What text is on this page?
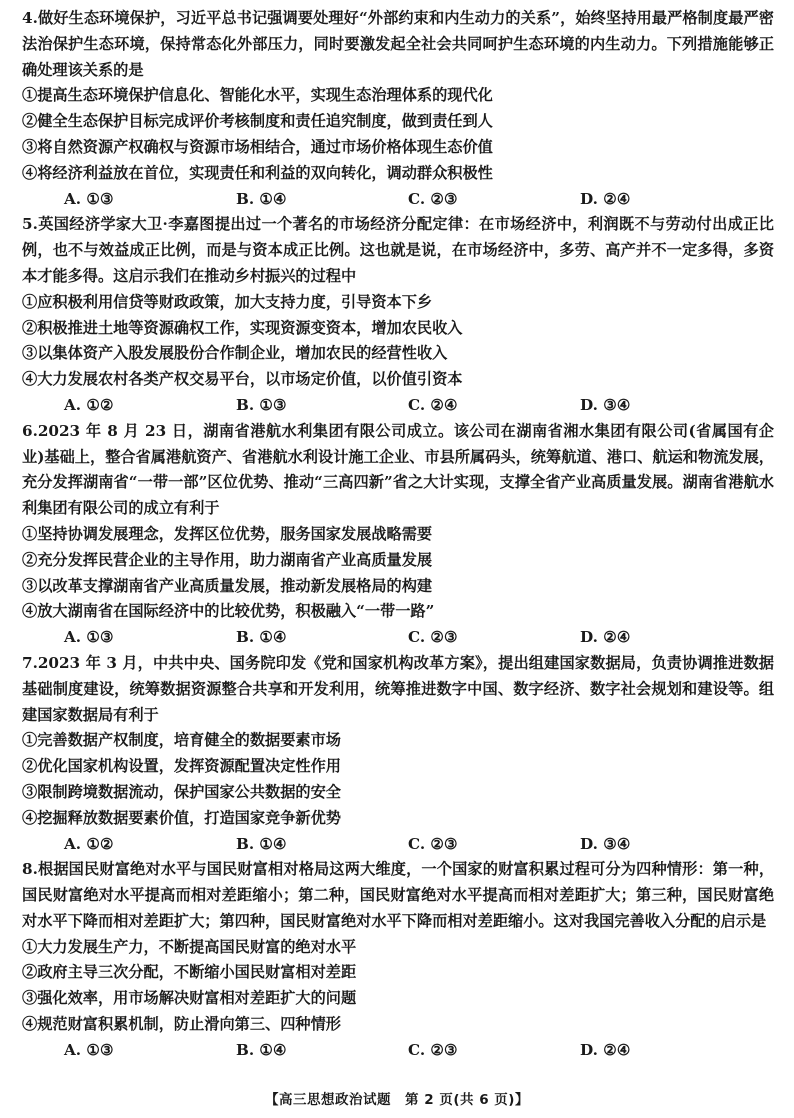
4.做好生态环境保护，习近平总书记强调要处理好“外部约束和内生动力的关系”，始终坚持用最严格制度最严密法治保护生态环境，保持常态化外部压力，同时要激发起全社会共同呵护生态环境的内生动力。下列措施能够正确处理该关系的是

①提高生态环境保护信息化、智能化水平，实现生态治理体系的现代化

②健全生态保护目标完成评价考核制度和责任追究制度，做到责任到人

③将自然资源产权确权与资源市场相结合，通过市场价格体现生态价值

④将经济利益放在首位，实现责任和利益的双向转化，调动群众积极性

A. ①③	B. ①④	C. ②③	D. ②④

5.英国经济学家大卫·李嘉图提出过一个著名的市场经济分配定律：在市场经济中，利润既不与劳动付出成正比例，也不与效益成正比例，而是与资本成正比例。这也就是说，在市场经济中，多劳、高产并不一定多得，多资本才能多得。这启示我们在推动乡村振兴的过程中

①应积极利用信贷等财政政策，加大支持力度，引导资本下乡

②积极推进土地等资源确权工作，实现资源变资本，增加农民收入

③以集体资产入股发展股份合作制企业，增加农民的经营性收入

④大力发展农村各类产权交易平台，以市场定价值，以价值引资本

A. ①②	B. ①③	C. ②④	D. ③④

6.2023 年 8 月 23 日，湖南省港航水利集团有限公司成立。该公司在湖南省湘水集团有限公司(省属国有企业)基础上，整合省属港航资产、省港航水利设计施工企业、市县所属码头，统筹航道、港口、航运和物流发展，充分发挥湖南省“一带一部”区位优势、推动“三高四新”省之大计实现，支撑全省产业高质量发展。湖南省港航水利集团有限公司的成立有利于

①坚持协调发展理念，发挥区位优势，服务国家发展战略需要

②充分发挥民营企业的主导作用，助力湖南省产业高质量发展

③以改革支撑湖南省产业高质量发展，推动新发展格局的构建

④放大湖南省在国际经济中的比较优势，积极融入“一带一路”

A. ①③	B. ①④	C. ②③	D. ②④

7.2023 年 3 月，中共中央、国务院印发《党和国家机构改革方案》，提出组建国家数据局，负责协调推进数据基础制度建设，统筹数据资源整合共享和开发利用，统筹推进数字中国、数字经济、数字社会规划和建设等。组建国家数据局有利于

①完善数据产权制度，培育健全的数据要素市场

②优化国家机构设置，发挥资源配置决定性作用

③限制跨境数据流动，保护国家公共数据的安全

④挖掘释放数据要素价值，打造国家竞争新优势

A. ①②	B. ①④	C. ②③	D. ③④

8.根据国民财富绝对水平与国民财富相对格局这两大维度，一个国家的财富积累过程可分为四种情形：第一种，国民财富绝对水平提高而相对差距缩小；第二种，国民财富绝对水平提高而相对差距扩大；第三种，国民财富绝对水平下降而相对差距扩大；第四种，国民财富绝对水平下降而相对差距缩小。这对我国完善收入分配的启示是

①大力发展生产力，不断提高国民财富的绝对水平

②政府主导三次分配，不断缩小国民财富相对差距

③强化效率，用市场解决财富相对差距扩大的问题

④规范财富积累机制，防止滑向第三、四种情形

A. ①③	B. ①④	C. ②③	D. ②④
【高三思想政治试题　第 2 页(共 6 页)】
